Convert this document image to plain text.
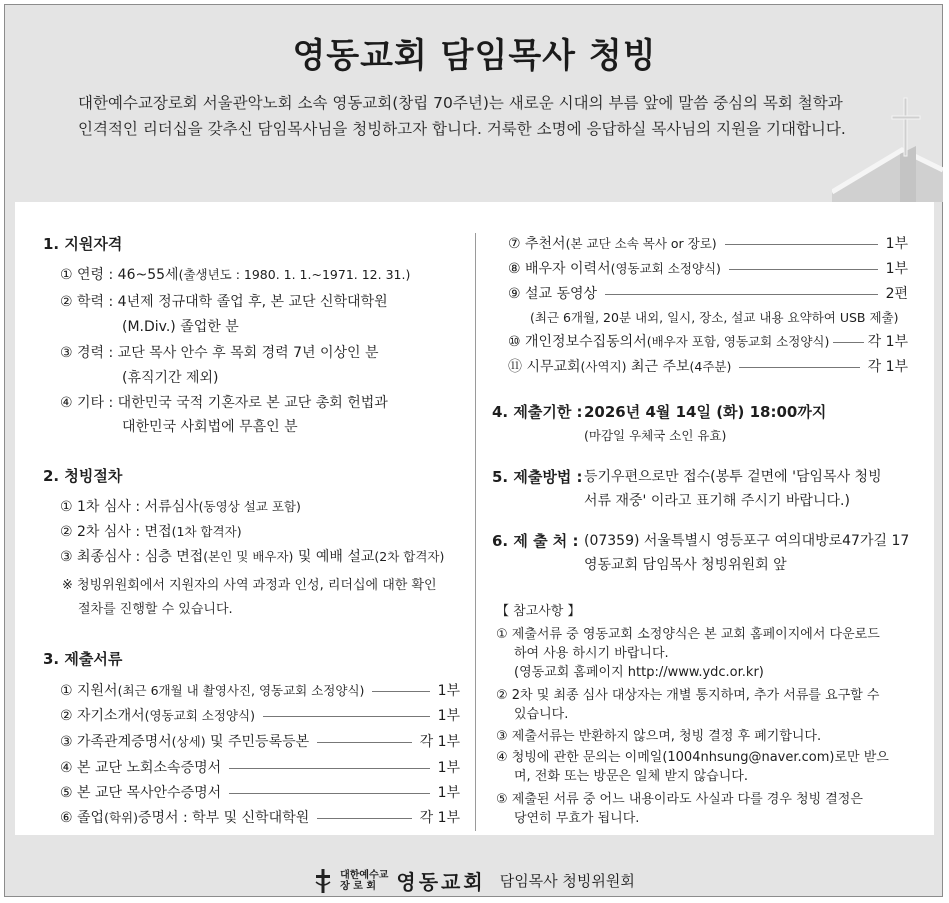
영동교회 담임목사 청빙
대한예수교장로회 서울관악노회 소속 영동교회(창립 70주년)는 새로운 시대의 부름 앞에 말씀 중심의 목회 철학과
인격적인 리더십을 갖추신 담임목사님을 청빙하고자 합니다. 거룩한 소명에 응답하실 목사님의 지원을 기대합니다.
1. 지원자격
① 연령 : 46~55세(출생년도 : 1980. 1. 1.~1971. 12. 31.)
② 학력 : 4년제 정규대학 졸업 후, 본 교단 신학대학원
(M.Div.) 졸업한 분
③ 경력 : 교단 목사 안수 후 목회 경력 7년 이상인 분
(휴직기간 제외)
④ 기타 : 대한민국 국적 기혼자로 본 교단 총회 헌법과
대한민국 사회법에 무흠인 분
2. 청빙절차
① 1차 심사 : 서류심사(동영상 설교 포함)
② 2차 심사 : 면접(1차 합격자)
③ 최종심사 : 심층 면접(본인 및 배우자) 및 예배 설교(2차 합격자)
※ 청빙위원회에서 지원자의 사역 과정과 인성, 리더십에 대한 확인
절차를 진행할 수 있습니다.
3. 제출서류
① 지원서(최근 6개월 내 촬영사진, 영동교회 소정양식)	1부
② 자기소개서(영동교회 소정양식)	1부
③ 가족관계증명서(상세) 및 주민등록등본	각 1부
④ 본 교단 노회소속증명서	1부
⑤ 본 교단 목사안수증명서	1부
⑥ 졸업(학위)증명서 : 학부 및 신학대학원	각 1부
⑦ 추천서(본 교단 소속 목사 or 장로)	1부
⑧ 배우자 이력서(영동교회 소정양식)	1부
⑨ 설교 동영상	2편
(최근 6개월, 20분 내외, 일시, 장소, 설교 내용 요약하여 USB 제출)
⑩ 개인정보수집동의서(배우자 포함, 영동교회 소정양식)	각 1부
⑪ 시무교회(사역지) 최근 주보(4주분)	각 1부
4. 제출기한 : 2026년 4월 14일 (화) 18:00까지
(마감일 우체국 소인 유효)
5. 제출방법 : 등기우편으로만 접수(봉투 겉면에 '담임목사 청빙
서류 재중' 이라고 표기해 주시기 바랍니다.)
6. 제 출 처 : (07359) 서울특별시 영등포구 여의대방로47가길 17
영동교회 담임목사 청빙위원회 앞
【 참고사항 】
① 제출서류 중 영동교회 소정양식은 본 교회 홈페이지에서 다운로드
하여 사용 하시기 바랍니다.
(영동교회 홈페이지 http://www.ydc.or.kr)
② 2차 및 최종 심사 대상자는 개별 통지하며, 추가 서류를 요구할 수
있습니다.
③ 제출서류는 반환하지 않으며, 청빙 결정 후 폐기합니다.
④ 청빙에 관한 문의는 이메일(1004nhsung@naver.com)로만 받으
며, 전화 또는 방문은 일체 받지 않습니다.
⑤ 제출된 서류 중 어느 내용이라도 사실과 다를 경우 청빙 결정은
당연히 무효가 됩니다.
대한예수교
장 로 회	영동교회 담임목사 청빙위원회
